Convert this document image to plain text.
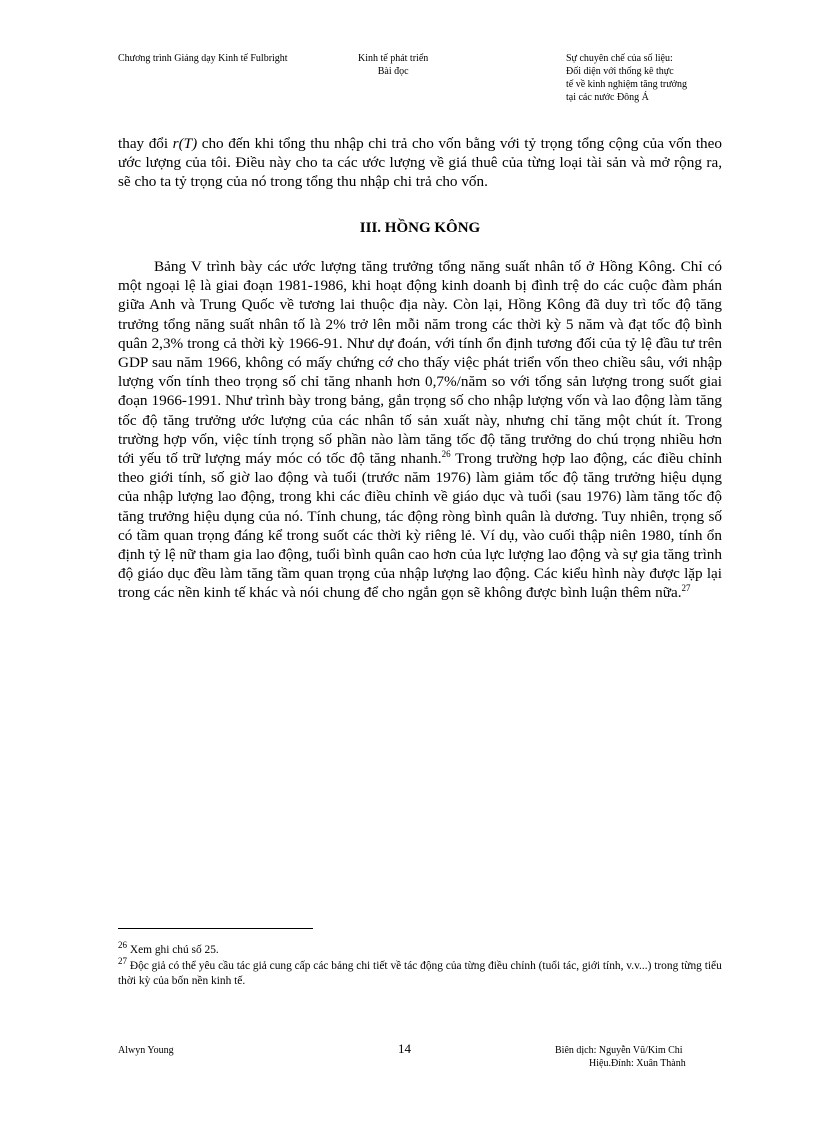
Chương trình Giảng dạy Kinh tế Fulbright	Kinh tế phát triển
Bài đọc
Sự chuyên chế của số liệu:
Đối diện với thống kê thực
tế về kinh nghiệm tăng trưởng
tại các nước Đông Á
thay đổi r(T) cho đến khi tổng thu nhập chi trả cho vốn bằng với tỷ trọng tổng cộng của vốn theo ước lượng của tôi. Điều này cho ta các ước lượng về giá thuê của từng loại tài sản và mở rộng ra, sẽ cho ta tỷ trọng của nó trong tổng thu nhập chi trả cho vốn.
III. HỒNG KÔNG
Bảng V trình bày các ước lượng tăng trưởng tổng năng suất nhân tố ở Hồng Kông. Chỉ có một ngoại lệ là giai đoạn 1981-1986, khi hoạt động kinh doanh bị đình trệ do các cuộc đàm phán giữa Anh và Trung Quốc về tương lai thuộc địa này. Còn lại, Hồng Kông đã duy trì tốc độ tăng trưởng tổng năng suất nhân tố là 2% trở lên mỗi năm trong các thời kỳ 5 năm và đạt tốc độ bình quân 2,3% trong cả thời kỳ 1966-91. Như dự đoán, với tính ổn định tương đối của tỷ lệ đầu tư trên GDP sau năm 1966, không có mấy chứng cớ cho thấy việc phát triển vốn theo chiều sâu, với nhập lượng vốn tính theo trọng số chỉ tăng nhanh hơn 0,7%/năm so với tổng sản lượng trong suốt giai đoạn 1966-1991. Như trình bày trong bảng, gắn trọng số cho nhập lượng vốn và lao động làm tăng tốc độ tăng trưởng ước lượng của các nhân tố sản xuất này, nhưng chỉ tăng một chút ít. Trong trường hợp vốn, việc tính trọng số phần nào làm tăng tốc độ tăng trưởng do chú trọng nhiều hơn tới yếu tố trữ lượng máy móc có tốc độ tăng nhanh.$^{26}$ Trong trường hợp lao động, các điều chỉnh theo giới tính, số giờ lao động và tuổi (trước năm 1976) làm giảm tốc độ tăng trưởng hiệu dụng của nhập lượng lao động, trong khi các điều chỉnh về giáo dục và tuổi (sau 1976) làm tăng tốc độ tăng trưởng hiệu dụng của nó. Tính chung, tác động ròng bình quân là dương. Tuy nhiên, trọng số có tầm quan trọng đáng kể trong suốt các thời kỳ riêng lẻ. Ví dụ, vào cuối thập niên 1980, tính ổn định tỷ lệ nữ tham gia lao động, tuổi bình quân cao hơn của lực lượng lao động và sự gia tăng trình độ giáo dục đều làm tăng tầm quan trọng của nhập lượng lao động. Các kiểu hình này được lặp lại trong các nền kinh tế khác và nói chung để cho ngắn gọn sẽ không được bình luận thêm nữa.$^{27}$
$^{26}$ Xem ghi chú số 25.
$^{27}$ Độc giả có thể yêu cầu tác giả cung cấp các bảng chi tiết về tác động của từng điều chỉnh (tuổi tác, giới tính, v.v...) trong từng tiểu thời kỳ của bốn nền kinh tế.
Alwyn Young	14	Biên dịch: Nguyễn Vũ/Kim Chi
Hiệu.Đính: Xuân Thành
